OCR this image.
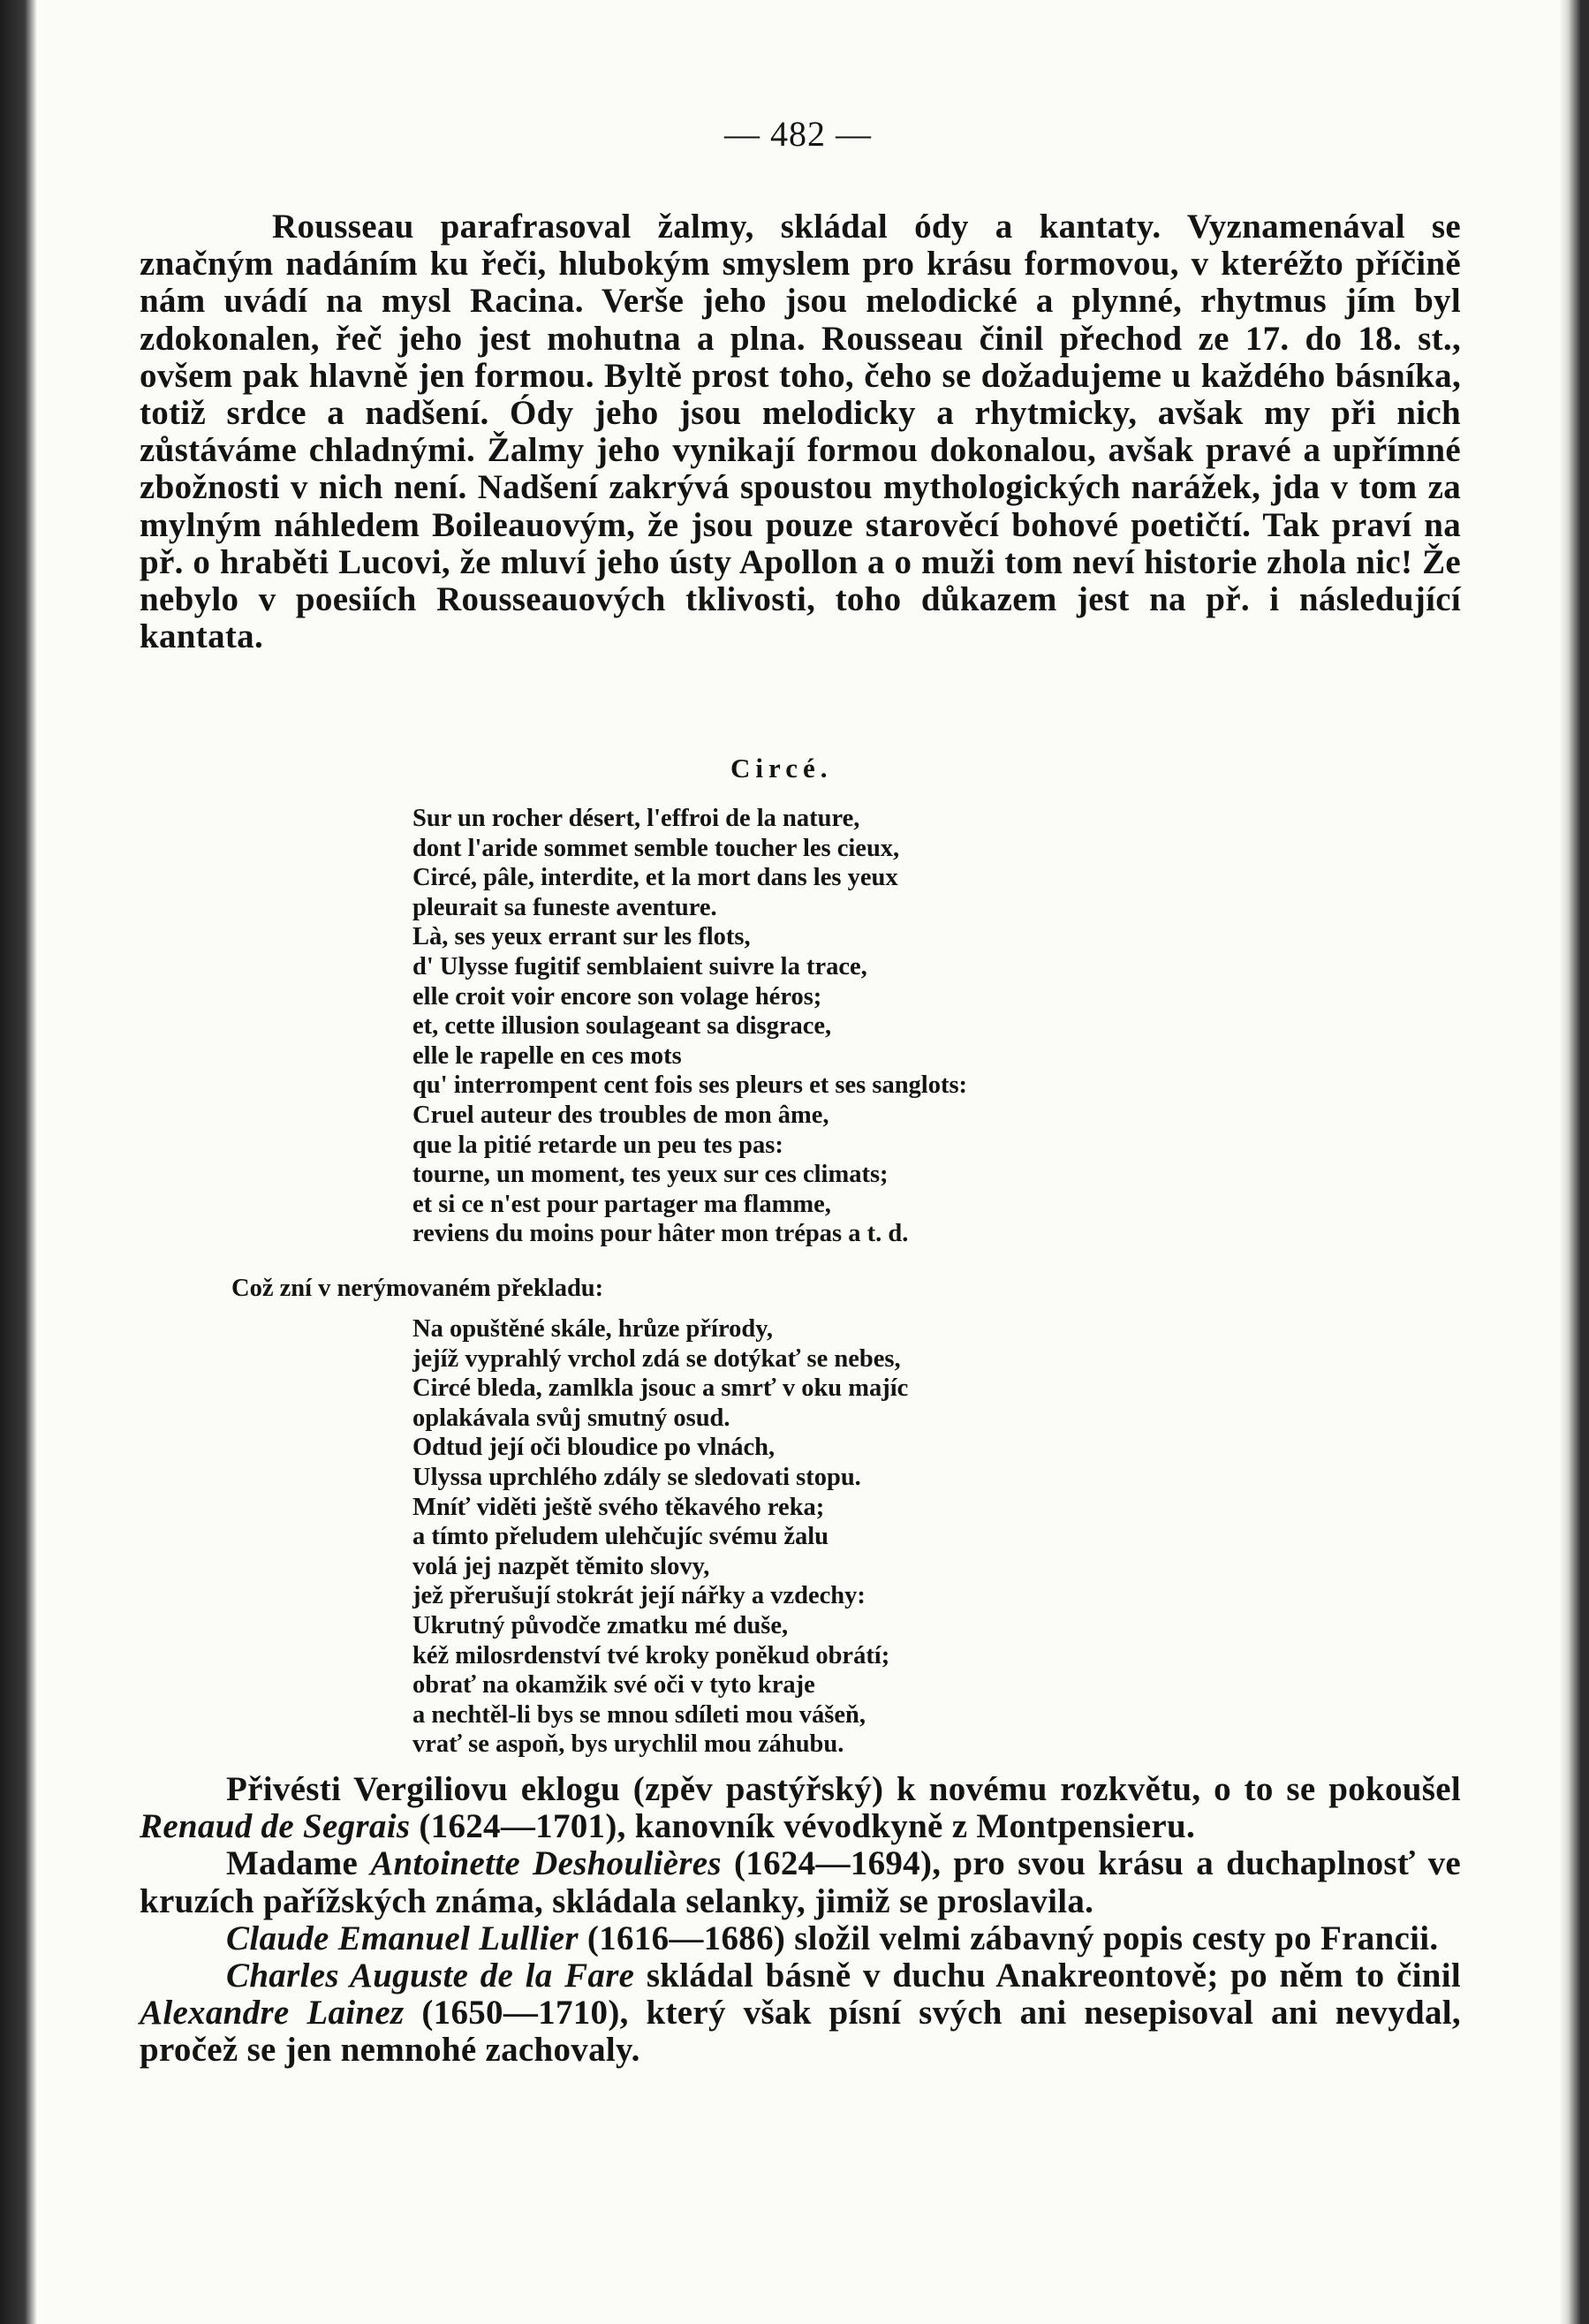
— 482 —

Rousseau parafrasoval žalmy, skládal ódy a kantaty. Vyznamenával se značným nadáním ku řeči, hlubokým smyslem pro krásu formovou, v kteréžto příčině nám uvádí na mysl Racina. Verše jeho jsou melodické a plynné, rhytmus jím byl zdokonalen, řeč jeho jest mohutna a plna. Rousseau činil přechod ze 17. do 18. st., ovšem pak hlavně jen formou. Byltě prost toho, čeho se dožadujeme u každého básníka, totiž srdce a nadšení. Ódy jeho jsou melodicky a rhytmicky, avšak my při nich zůstáváme chladnými. Žalmy jeho vynikají formou dokonalou, avšak pravé a upřímné zbožnosti v nich není. Nadšení zakrývá spoustou mythologických narážek, jda v tom za mylným náhledem Boileauovým, že jsou pouze starověcí bohové poetičtí. Tak praví na př. o hraběti Lucovi, že mluví jeho ústy Apollon a o muži tom neví historie zhola nic! Že nebylo v poesiích Rousseauových tklivosti, toho důkazem jest na př. i následující kantata.

Circé.
Sur un rocher désert, l'effroi de la nature,
dont l'aride sommet semble toucher les cieux,
Circé, pâle, interdite, et la mort dans les yeux
pleurait sa funeste aventure.
Là, ses yeux errant sur les flots,
d' Ulysse fugitif semblaient suivre la trace,
elle croit voir encore son volage héros;
et, cette illusion soulageant sa disgrace,
elle le rapelle en ces mots
qu' interrompent cent fois ses pleurs et ses sanglots:
Cruel auteur des troubles de mon âme,
que la pitié retarde un peu tes pas:
tourne, un moment, tes yeux sur ces climats;
et si ce n'est pour partager ma flamme,
reviens du moins pour hâter mon trépas a t. d.
Což zní v nerýmovaném překladu:
Na opuštěné skále, hrůze přírody,
jejíž vyprahlý vrchol zdá se dotýkať se nebes,
Circé bleda, zamlkla jsouc a smrť v oku majíc
oplakávala svůj smutný osud.
Odtud její oči bloudice po vlnách,
Ulyssa uprchlého zdály se sledovati stopu.
Mníť viděti ještě svého těkavého reka;
a tímto přeludem ulehčujíc svému žalu
volá jej nazpět těmito slovy,
jež přerušují stokrát její nářky a vzdechy:
Ukrutný původče zmatku mé duše,
kéž milosrdenství tvé kroky poněkud obrátí;
obrať na okamžik své oči v tyto kraje
a nechtěl-li bys se mnou sdíleti mou vášeň,
vrať se aspoň, bys urychlil mou záhubu.

Přivésti Vergiliovu eklogu (zpěv pastýřský) k novému rozkvětu, o to se pokoušel Renaud de Segrais (1624—1701), kanovník vévodkyně z Montpensieru.

Madame Antoinette Deshoulières (1624—1694), pro svou krásu a duchaplnosť ve kruzích pařížských známa, skládala selanky, jimiž se proslavila.

Claude Emanuel Lullier (1616—1686) složil velmi zábavný popis cesty po Francii.

Charles Auguste de la Fare skládal básně v duchu Anakreontově; po něm to činil Alexandre Lainez (1650—1710), který však písní svých ani nesepisoval ani nevydal, pročež se jen nemnohé zachovaly.
